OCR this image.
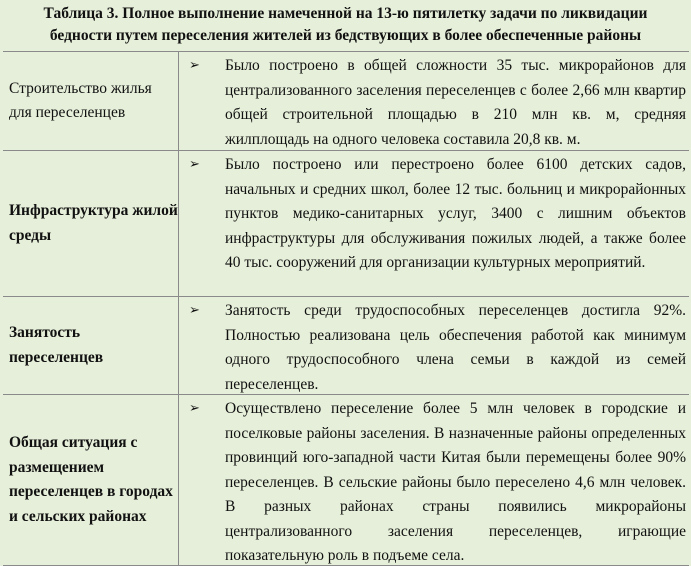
Таблица 3. Полное выполнение намеченной на 13-ю пятилетку задачи по ликвидации
бедности путем переселения жителей из бедствующих в более обеспеченные районы
Строительство жилья для переселенцев
➢ Было построено в общей сложности 35 тыс. микрорайонов для централизованного заселения переселенцев с более 2,66 млн квартир общей строительной площадью в 210 млн кв. м, средняя жилплощадь на одного человека составила 20,8 кв. м.
Инфраструктура жилой среды
➢ Было построено или перестроено более 6100 детских садов, начальных и средних школ, более 12 тыс. больниц и микрорайонных пунктов медико-санитарных услуг, 3400 с лишним объектов инфраструктуры для обслуживания пожилых людей, а также более 40 тыс. сооружений для организации культурных мероприятий.
Занятость переселенцев
➢ Занятость среди трудоспособных переселенцев достигла 92%. Полностью реализована цель обеспечения работой как минимум одного трудоспособного члена семьи в каждой из семей переселенцев.
Общая ситуация с размещением переселенцев в городах и сельских районах
➢ Осуществлено переселение более 5 млн человек в городские и поселковые районы заселения. В назначенные районы определенных провинций юго-западной части Китая были перемещены более 90% переселенцев. В сельские районы было переселено 4,6 млн человек. В разных районах страны появились микрорайоны централизованного заселения переселенцев, играющие показательную роль в подъеме села.
